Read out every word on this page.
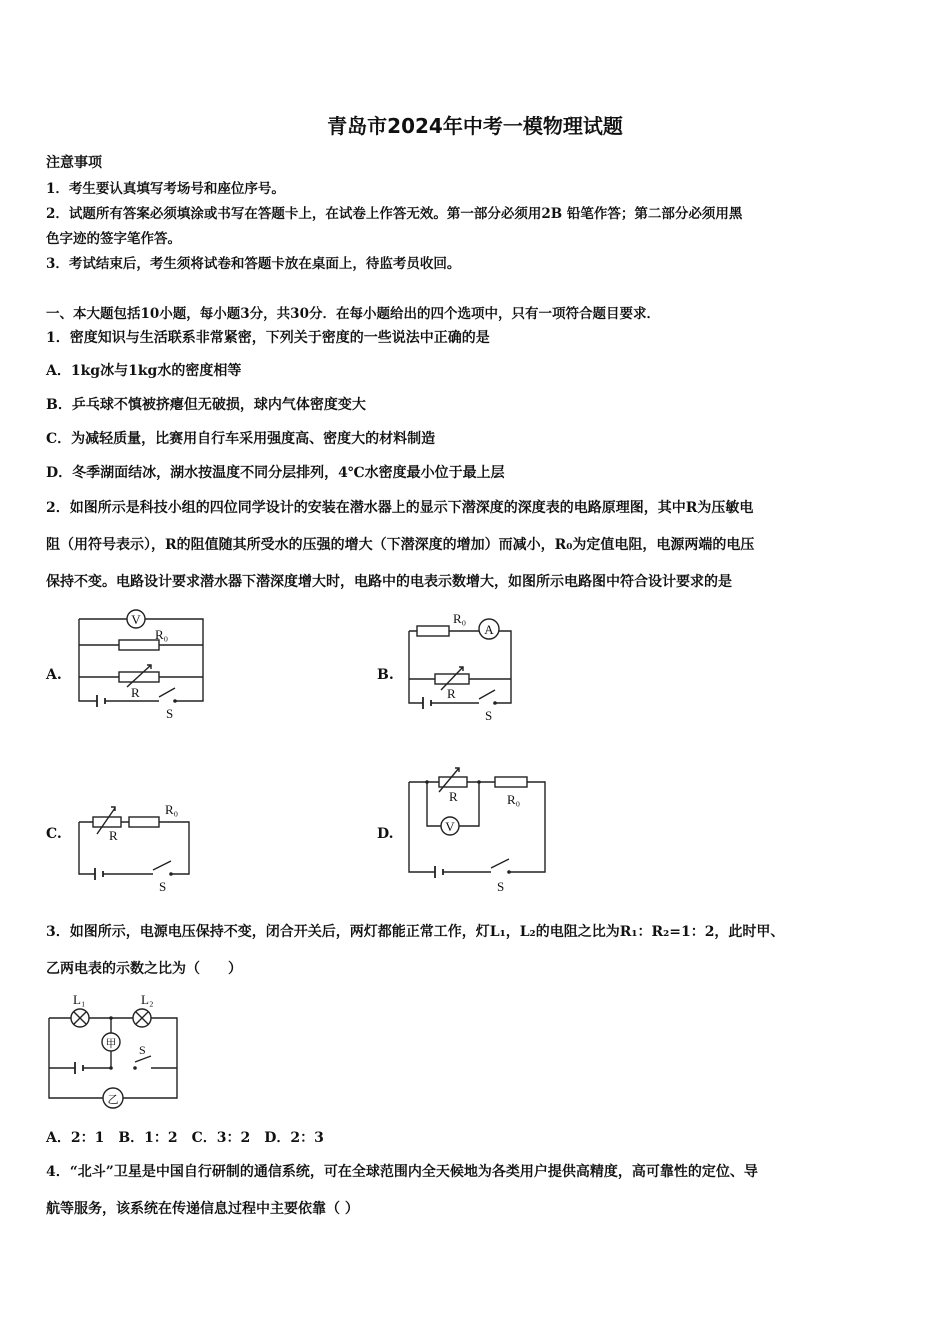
青岛市2024年中考一模物理试题
注意事项
1．考生要认真填写考场号和座位序号。
2．试题所有答案必须填涂或书写在答题卡上，在试卷上作答无效。第一部分必须用2B 铅笔作答；第二部分必须用黑
色字迹的签字笔作答。
3．考试结束后，考生须将试卷和答题卡放在桌面上，待监考员收回。
一、本大题包括10小题，每小题3分，共30分．在每小题给出的四个选项中，只有一项符合题目要求．
1．密度知识与生活联系非常紧密，下列关于密度的一些说法中正确的是
A．1kg冰与1kg水的密度相等
B．乒乓球不慎被挤瘪但无破损，球内气体密度变大
C．为减轻质量，比赛用自行车采用强度高、密度大的材料制造
D．冬季湖面结冰，湖水按温度不同分层排列，4℃水密度最小位于最上层
2．如图所示是科技小组的四位同学设计的安装在潜水器上的显示下潜深度的深度表的电路原理图，其中R为压敏电
阻（用符号表示），R的阻值随其所受水的压强的增大（下潜深度的增加）而减小，R₀为定值电阻，电源两端的电压
保持不变。电路设计要求潜水器下潜深度增大时，电路中的电表示数增大，如图所示电路图中符合设计要求的是
A.	B.
C.	D.
V
R₀
R
S
R₀
A
R
S
R₀
R
S
R	R₀
V
S
3．如图所示，电源电压保持不变，闭合开关后，两灯都能正常工作，灯L₁，L₂的电阻之比为R₁：R₂=1：2，此时甲、
乙两电表的示数之比为（　　）
L₁	L₂
甲
乙
S
A．2：1　B．1：2　C．3：2　D．2：3
4．“北斗”卫星是中国自行研制的通信系统，可在全球范围内全天候地为各类用户提供高精度，高可靠性的定位、导
航等服务，该系统在传递信息过程中主要依靠（ ）
